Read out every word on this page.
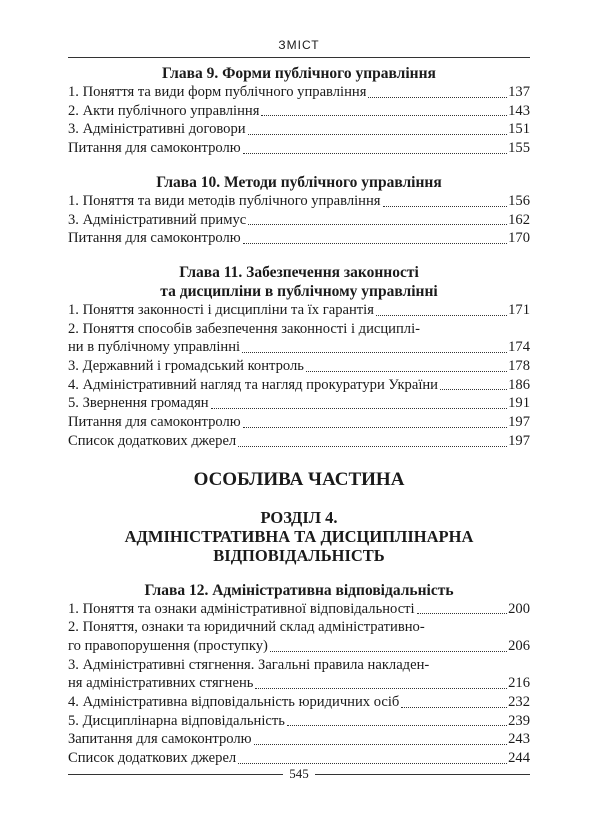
ЗМІСТ
Глава 9. Форми публічного управління
1. Поняття та види форм публічного управління	137
2. Акти публічного управління	143
3. Адміністративні договори	151
Питання для самоконтролю	155
Глава 10. Методи публічного управління
1. Поняття та види методів публічного управління	156
3. Адміністративний примус	162
Питання для самоконтролю	170
Глава 11. Забезпечення законності
та дисципліни в публічному управлінні
1. Поняття законності і дисципліни та їх гарантія	171
2. Поняття способів забезпечення законності і дисциплі-
ни в публічному управлінні	174
3. Державний і громадський контроль	178
4. Адміністративний нагляд та нагляд прокуратури України	186
5. Звернення громадян	191
Питання для самоконтролю	197
Список додаткових джерел	197
ОСОБЛИВА ЧАСТИНА
РОЗДІЛ 4.
АДМІНІСТРАТИВНА ТА ДИСЦИПЛІНАРНА
ВІДПОВІДАЛЬНІСТЬ
Глава 12. Адміністративна відповідальність
1. Поняття та ознаки адміністративної відповідальності	200
2. Поняття, ознаки та юридичний склад адміністративно-
го правопорушення (проступку)	206
3. Адміністративні стягнення. Загальні правила накладен-
ня адміністративних стягнень	216
4. Адміністративна відповідальність юридичних осіб	232
5. Дисциплінарна відповідальність	239
Запитання для самоконтролю	243
Список додаткових джерел	244
545
